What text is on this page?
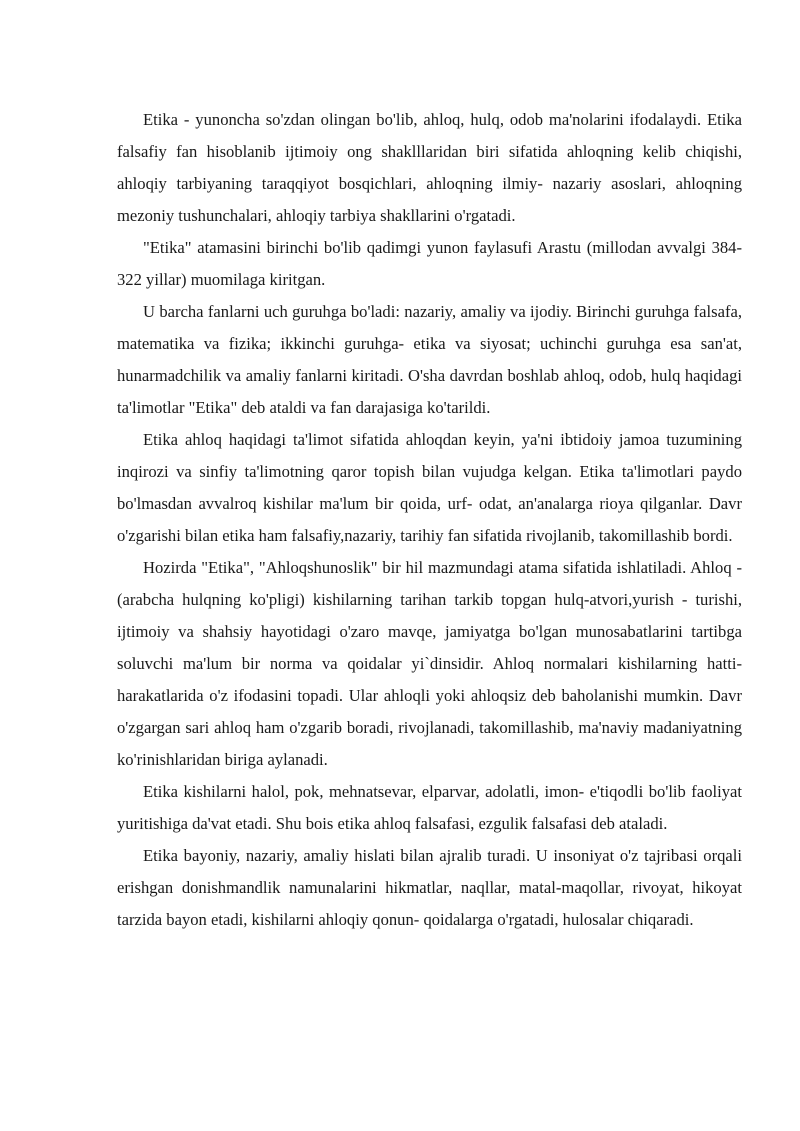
Etika - yunoncha so'zdan olingan bo'lib, ahloq, hulq, odob ma'nolarini ifodalaydi. Etika falsafiy fan hisoblanib ijtimoiy ong shaklllaridan biri sifatida ahloqning kelib chiqishi, ahloqiy tarbiyaning taraqqiyot bosqichlari, ahloqning ilmiy- nazariy asoslari, ahloqning mezoniy tushunchalari, ahloqiy tarbiya shakllarini o'rgatadi.

"Etika" atamasini birinchi bo'lib qadimgi yunon faylasufi Arastu (millodan avvalgi 384-322 yillar) muomilaga kiritgan.

U barcha fanlarni uch guruhga bo'ladi: nazariy, amaliy va ijodiy. Birinchi guruhga falsafa, matematika va fizika; ikkinchi guruhga- etika va siyosat; uchinchi guruhga esa san'at, hunarmadchilik va amaliy fanlarni kiritadi. O'sha davrdan boshlab ahloq, odob, hulq haqidagi ta'limotlar "Etika" deb ataldi va fan darajasiga ko'tarildi.

Etika ahloq haqidagi ta'limot sifatida ahloqdan keyin, ya'ni ibtidoiy jamoa tuzumining inqirozi va sinfiy ta'limotning qaror topish bilan vujudga kelgan. Etika ta'limotlari paydo bo'lmasdan avvalroq kishilar ma'lum bir qoida, urf- odat, an'analarga rioya qilganlar. Davr o'zgarishi bilan etika ham falsafiy,nazariy, tarihiy fan sifatida rivojlanib, takomillashib bordi.

Hozirda "Etika", "Ahloqshunoslik" bir hil mazmundagi atama sifatida ishlatiladi. Ahloq - (arabcha hulqning ko'pligi) kishilarning tarihan tarkib topgan hulq-atvori,yurish - turishi, ijtimoiy va shahsiy hayotidagi o'zaro mavqe, jamiyatga bo'lgan munosabatlarini tartibga soluvchi ma'lum bir norma va qoidalar yi`dinsidir. Ahloq normalari kishilarning hatti- harakatlarida o'z ifodasini topadi. Ular ahloqli yoki ahloqsiz deb baholanishi mumkin. Davr o'zgargan sari ahloq ham o'zgarib boradi, rivojlanadi, takomillashib, ma'naviy madaniyatning ko'rinishlaridan biriga aylanadi.

Etika kishilarni halol, pok, mehnatsevar, elparvar, adolatli, imon- e'tiqodli bo'lib faoliyat yuritishiga da'vat etadi. Shu bois etika ahloq falsafasi, ezgulik falsafasi deb ataladi.

Etika bayoniy, nazariy, amaliy hislati bilan ajralib turadi. U insoniyat o'z tajribasi orqali erishgan donishmandlik namunalarini hikmatlar, naqllar, matal-maqollar, rivoyat, hikoyat tarzida bayon etadi, kishilarni ahloqiy qonun- qoidalarga o'rgatadi, hulosalar chiqaradi.
